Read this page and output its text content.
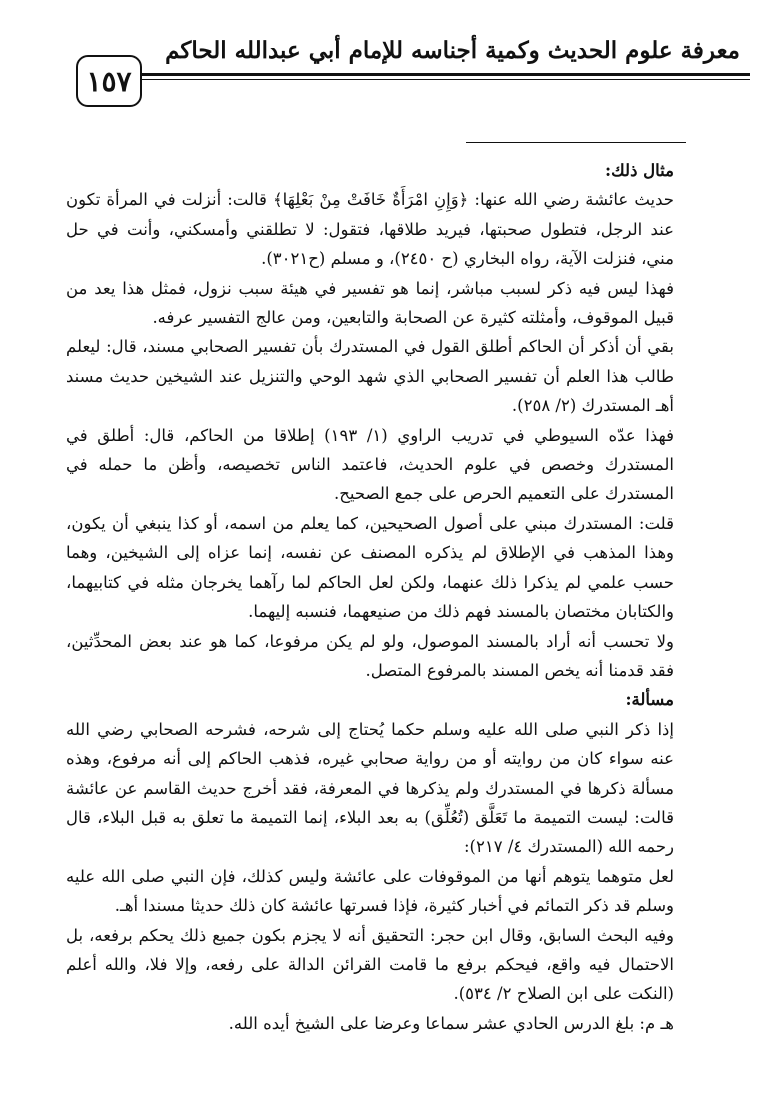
معرفة علوم الحديث وكمية أجناسه للإمام أبي عبدالله الحاكم
١٥٧

مثال ذلك:

حديث عائشة رضي الله عنها: ﴿وَإِنِ امْرَأَةٌ خَافَتْ مِنْ بَعْلِهَا﴾ قالت: أنزلت في المرأة تكون عند الرجل، فتطول صحبتها، فيريد طلاقها، فتقول: لا تطلقني وأمسكني، وأنت في حل مني، فنزلت الآية، رواه البخاري (ح ٢٤٥٠)، و مسلم (ح٣٠٢١).

فهذا ليس فيه ذكر لسبب مباشر، إنما هو تفسير في هيئة سبب نزول، فمثل هذا يعد من قبيل الموقوف، وأمثلته كثيرة عن الصحابة والتابعين، ومن عالج التفسير عرفه.

بقي أن أذكر أن الحاكم أطلق القول في المستدرك بأن تفسير الصحابي مسند، قال: ليعلم طالب هذا العلم أن تفسير الصحابي الذي شهد الوحي والتنزيل عند الشيخين حديث مسند أهـ المستدرك (٢/ ٢٥٨).

فهذا عدّه السيوطي في تدريب الراوي (١/ ١٩٣) إطلاقا من الحاكم، قال: أطلق في المستدرك وخصص في علوم الحديث، فاعتمد الناس تخصيصه، وأظن ما حمله في المستدرك على التعميم الحرص على جمع الصحيح.

قلت: المستدرك مبني على أصول الصحيحين، كما يعلم من اسمه، أو كذا ينبغي أن يكون، وهذا المذهب في الإطلاق لم يذكره المصنف عن نفسه، إنما عزاه إلى الشيخين، وهما حسب علمي لم يذكرا ذلك عنهما، ولكن لعل الحاكم لما رآهما يخرجان مثله في كتابيهما، والكتابان مختصان بالمسند فهم ذلك من صنيعهما، فنسبه إليهما.

ولا تحسب أنه أراد بالمسند الموصول، ولو لم يكن مرفوعا، كما هو عند بعض المحدِّثين، فقد قدمنا أنه يخص المسند بالمرفوع المتصل.

مسألة:

إذا ذكر النبي صلى الله عليه وسلم حكما يُحتاج إلى شرحه، فشرحه الصحابي رضي الله عنه سواء كان من روايته أو من رواية صحابي غيره، فذهب الحاكم إلى أنه مرفوع، وهذه مسألة ذكرها في المستدرك ولم يذكرها في المعرفة، فقد أخرج حديث القاسم عن عائشة قالت: ليست التميمة ما تَعَلَّق (تُعُلِّق) به بعد البلاء، إنما التميمة ما تعلق به قبل البلاء، قال رحمه الله (المستدرك ٤/ ٢١٧):

لعل متوهما يتوهم أنها من الموقوفات على عائشة وليس كذلك، فإن النبي صلى الله عليه وسلم قد ذكر التمائم في أخبار كثيرة، فإذا فسرتها عائشة كان ذلك حديثا مسندا أهـ.

وفيه البحث السابق، وقال ابن حجر: التحقيق أنه لا يجزم بكون جميع ذلك يحكم برفعه، بل الاحتمال فيه واقع، فيحكم برفع ما قامت القرائن الدالة على رفعه، وإلا فلا، والله أعلم (النكت على ابن الصلاح ٢/ ٥٣٤).

هـ م: بلغ الدرس الحادي عشر سماعا وعرضا على الشيخ أيده الله.
